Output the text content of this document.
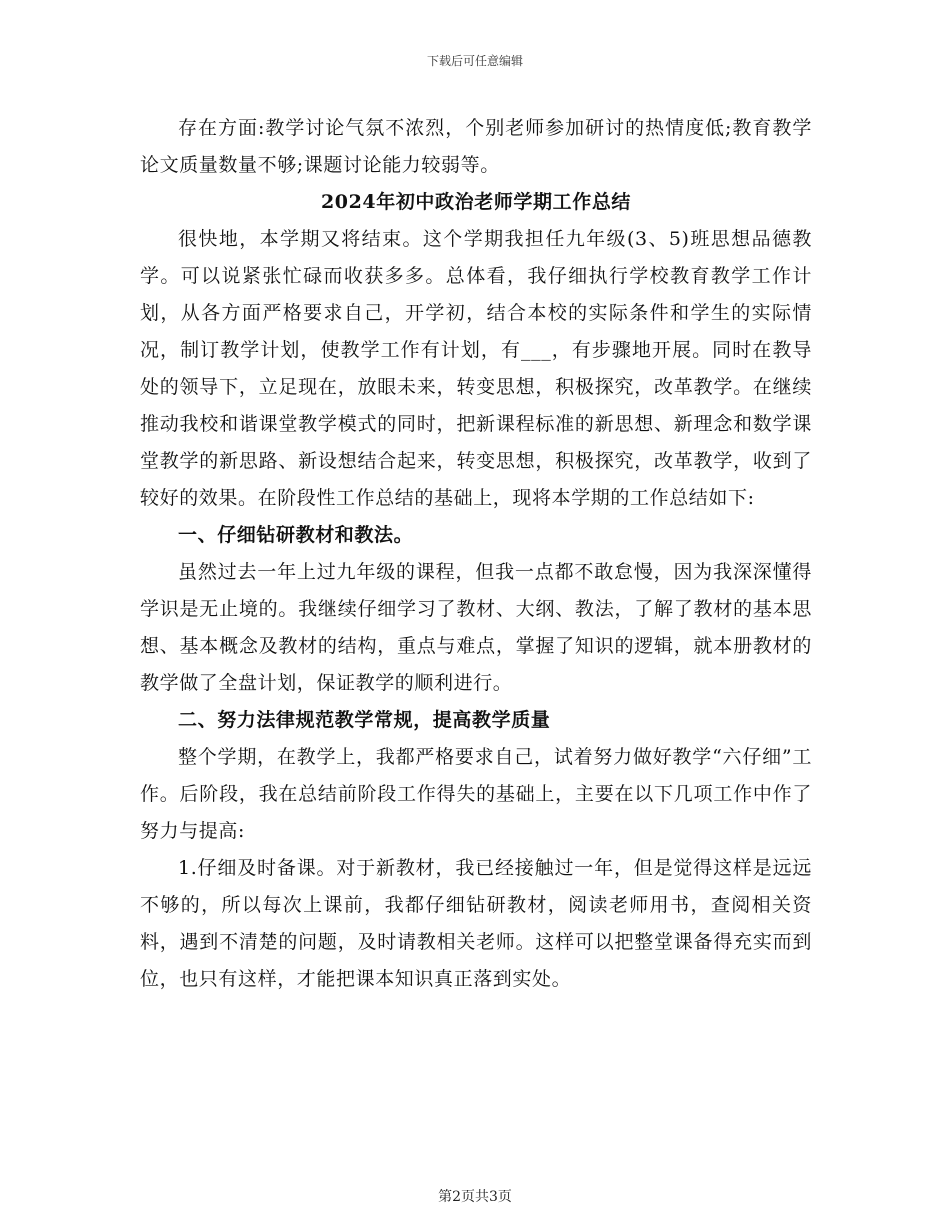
下载后可任意编辑

存在方面:教学讨论气氛不浓烈，个别老师参加研讨的热情度低;教育教学论文质量数量不够;课题讨论能力较弱等。

2024年初中政治老师学期工作总结

很快地，本学期又将结束。这个学期我担任九年级(3、5)班思想品德教学。可以说紧张忙碌而收获多多。总体看，我仔细执行学校教育教学工作计划，从各方面严格要求自己，开学初，结合本校的实际条件和学生的实际情况，制订教学计划，使教学工作有计划，有___，有步骤地开展。同时在教导处的领导下，立足现在，放眼未来，转变思想，积极探究，改革教学。在继续推动我校和谐课堂教学模式的同时，把新课程标准的新思想、新理念和数学课堂教学的新思路、新设想结合起来，转变思想，积极探究，改革教学，收到了较好的效果。在阶段性工作总结的基础上，现将本学期的工作总结如下:

一、仔细钻研教材和教法。

虽然过去一年上过九年级的课程，但我一点都不敢怠慢，因为我深深懂得学识是无止境的。我继续仔细学习了教材、大纲、教法，了解了教材的基本思想、基本概念及教材的结构，重点与难点，掌握了知识的逻辑，就本册教材的教学做了全盘计划，保证教学的顺利进行。

二、努力法律规范教学常规，提高教学质量

整个学期，在教学上，我都严格要求自己，试着努力做好教学“六仔细”工作。后阶段，我在总结前阶段工作得失的基础上，主要在以下几项工作中作了努力与提高:

1.仔细及时备课。对于新教材，我已经接触过一年，但是觉得这样是远远不够的，所以每次上课前，我都仔细钻研教材，阅读老师用书，查阅相关资料，遇到不清楚的问题，及时请教相关老师。这样可以把整堂课备得充实而到位，也只有这样，才能把课本知识真正落到实处。

第2页共3页
